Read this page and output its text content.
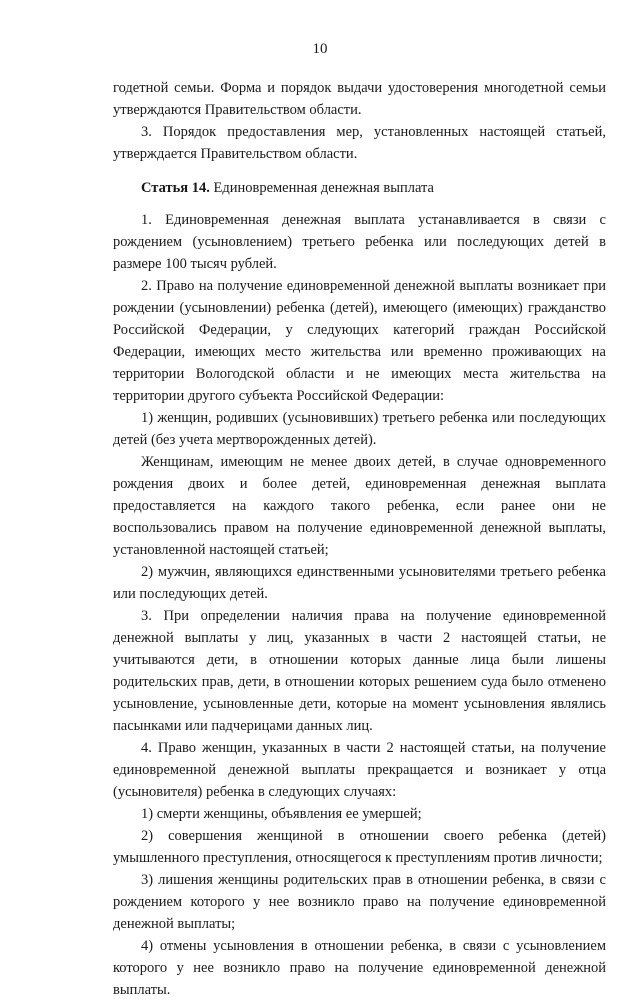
10

годетной семьи. Форма и порядок выдачи удостоверения многодетной семьи утверждаются Правительством области.

3. Порядок предоставления мер, установленных настоящей статьей, утверждается Правительством области.

Статья 14. Единовременная денежная выплата

1. Единовременная денежная выплата устанавливается в связи с рождением (усыновлением) третьего ребенка или последующих детей в размере 100 тысяч рублей.

2. Право на получение единовременной денежной выплаты возникает при рождении (усыновлении) ребенка (детей), имеющего (имеющих) гражданство Российской Федерации, у следующих категорий граждан Российской Федерации, имеющих место жительства или временно проживающих на территории Вологодской области и не имеющих места жительства на территории другого субъекта Российской Федерации:

1) женщин, родивших (усыновивших) третьего ребенка или последующих детей (без учета мертворожденных детей).

Женщинам, имеющим не менее двоих детей, в случае одновременного рождения двоих и более детей, единовременная денежная выплата предоставляется на каждого такого ребенка, если ранее они не воспользовались правом на получение единовременной денежной выплаты, установленной настоящей статьей;

2) мужчин, являющихся единственными усыновителями третьего ребенка или последующих детей.

3. При определении наличия права на получение единовременной денежной выплаты у лиц, указанных в части 2 настоящей статьи, не учитываются дети, в отношении которых данные лица были лишены родительских прав, дети, в отношении которых решением суда было отменено усыновление, усыновленные дети, которые на момент усыновления являлись пасынками или падчерицами данных лиц.

4. Право женщин, указанных в части 2 настоящей статьи, на получение единовременной денежной выплаты прекращается и возникает у отца (усыновителя) ребенка в следующих случаях:

1) смерти женщины, объявления ее умершей;

2) совершения женщиной в отношении своего ребенка (детей) умышленного преступления, относящегося к преступлениям против личности;

3) лишения женщины родительских прав в отношении ребенка, в связи с рождением которого у нее возникло право на получение единовременной денежной выплаты;

4) отмены усыновления в отношении ребенка, в связи с усыновлением которого у нее возникло право на получение единовременной денежной выплаты.
